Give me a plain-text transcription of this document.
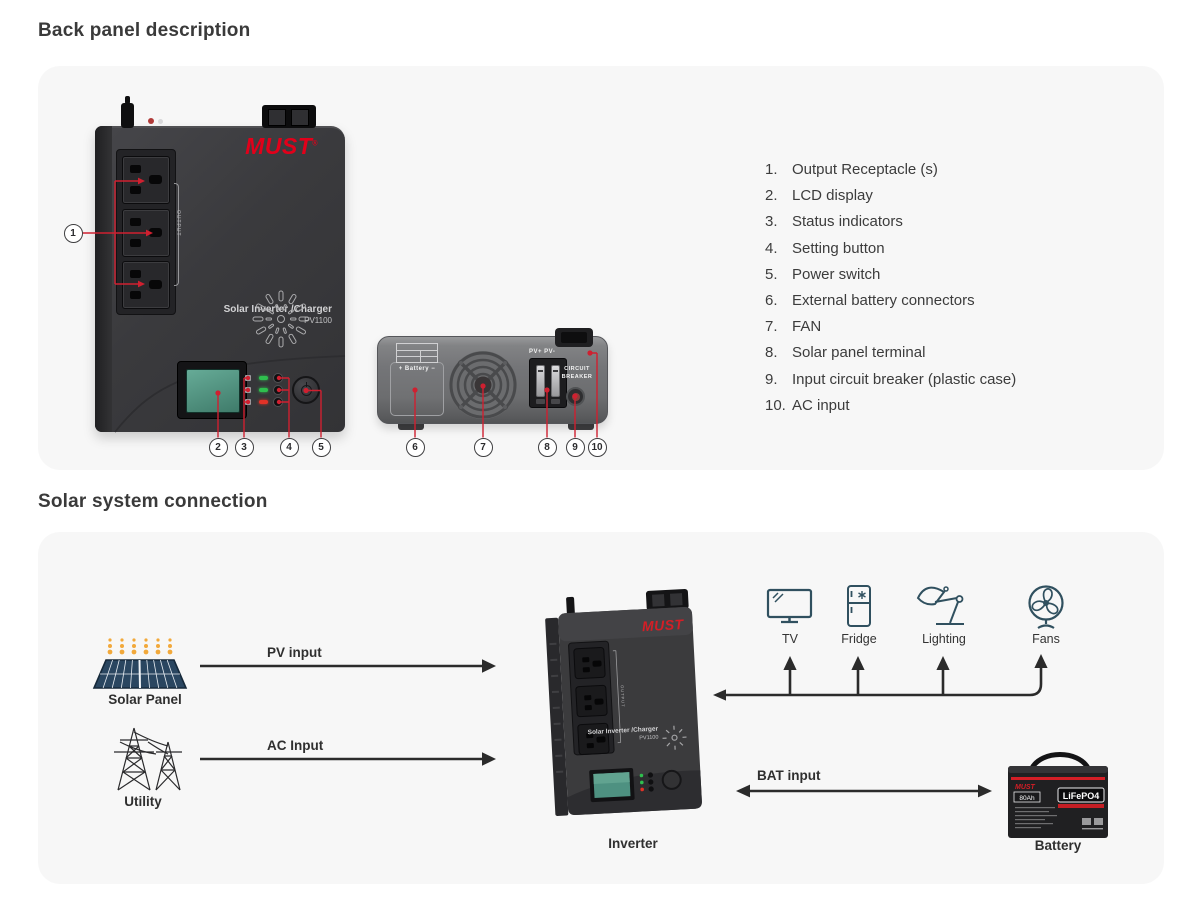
Back panel description
1. Output Receptacle (s)
2. LCD display
3. Status indicators
4. Setting button
5. Power switch
6. External battery connectors
7. FAN
8. Solar panel terminal
9. Input circuit breaker (plastic case)
10. AC input
OUTPUT
MUST®
Solar Inverter /Charger
PV1100
+ Battery −
PV+ PV-
CIRCUIT
BREAKER
1
2	3	4	5	6	7	8	9	10
Solar system connection
Solar Panel
Utility
PV input
AC Input
BAT input
TV	Fridge	Lighting	Fans
MUST
OUTPUT
Solar Inverter /Charger
PV1100
Inverter
MUST
80Ah	LiFePO4
Battery
